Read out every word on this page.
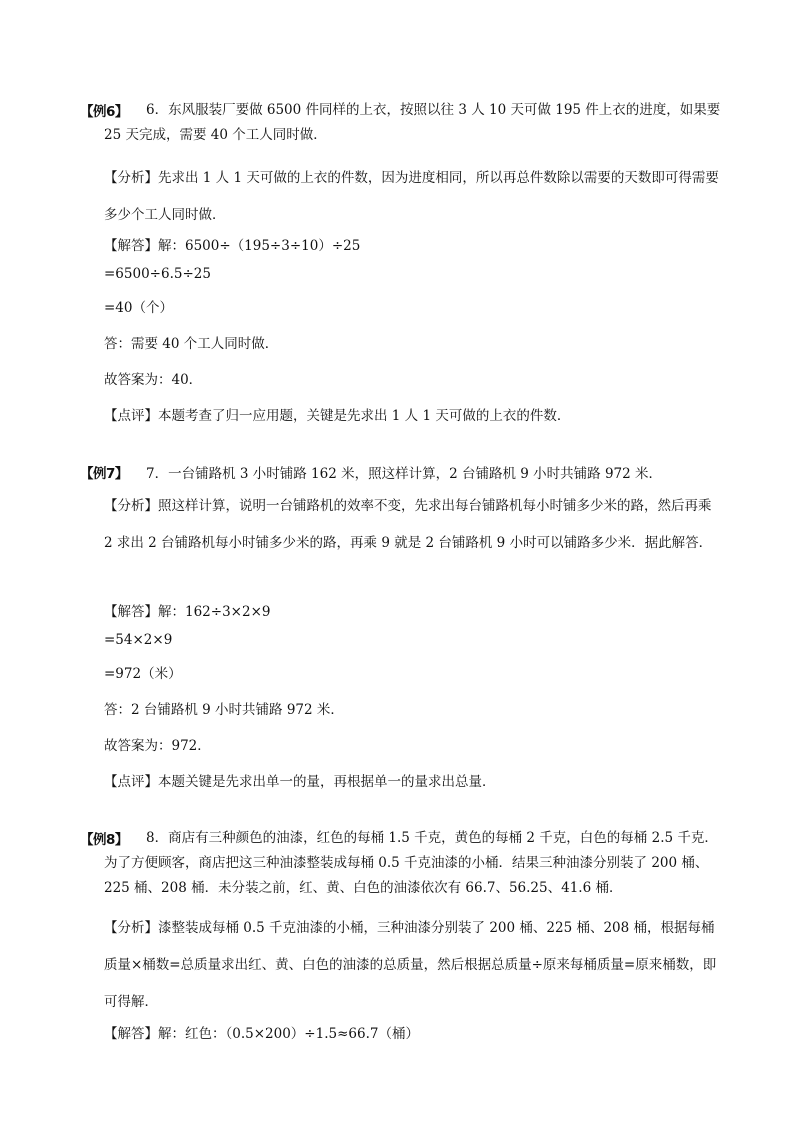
【例6】	6．东风服装厂要做 6500 件同样的上衣，按照以往 3 人 10 天可做 195 件上衣的进度，如果要 25 天完成，需要 40 个工人同时做．

【分析】先求出 1 人 1 天可做的上衣的件数，因为进度相同，所以再总件数除以需要的天数即可得需要多少个工人同时做．

【解答】解：6500÷（195÷3÷10）÷25

=6500÷6.5÷25

=40（个）

答：需要 40 个工人同时做．

故答案为：40．

【点评】本题考查了归一应用题，关键是先求出 1 人 1 天可做的上衣的件数．

【例7】	7．一台铺路机 3 小时铺路 162 米，照这样计算，2 台铺路机 9 小时共铺路 972 米．

【分析】照这样计算，说明一台铺路机的效率不变，先求出每台铺路机每小时铺多少米的路，然后再乘 2 求出 2 台铺路机每小时铺多少米的路，再乘 9 就是 2 台铺路机 9 小时可以铺路多少米．据此解答．

【解答】解：162÷3×2×9

=54×2×9

=972（米）

答：2 台铺路机 9 小时共铺路 972 米．

故答案为：972．

【点评】本题关键是先求出单一的量，再根据单一的量求出总量．

【例8】	8．商店有三种颜色的油漆，红色的每桶 1.5 千克，黄色的每桶 2 千克，白色的每桶 2.5 千克．为了方便顾客，商店把这三种油漆整装成每桶 0.5 千克油漆的小桶．结果三种油漆分别装了 200 桶、225 桶、208 桶．未分装之前，红、黄、白色的油漆依次有 66.7、56.25、41.6 桶．

【分析】漆整装成每桶 0.5 千克油漆的小桶，三种油漆分别装了 200 桶、225 桶、208 桶，根据每桶质量×桶数=总质量求出红、黄、白色的油漆的总质量，然后根据总质量÷原来每桶质量=原来桶数，即可得解．

【解答】解：红色：（0.5×200）÷1.5≈66.7（桶）
